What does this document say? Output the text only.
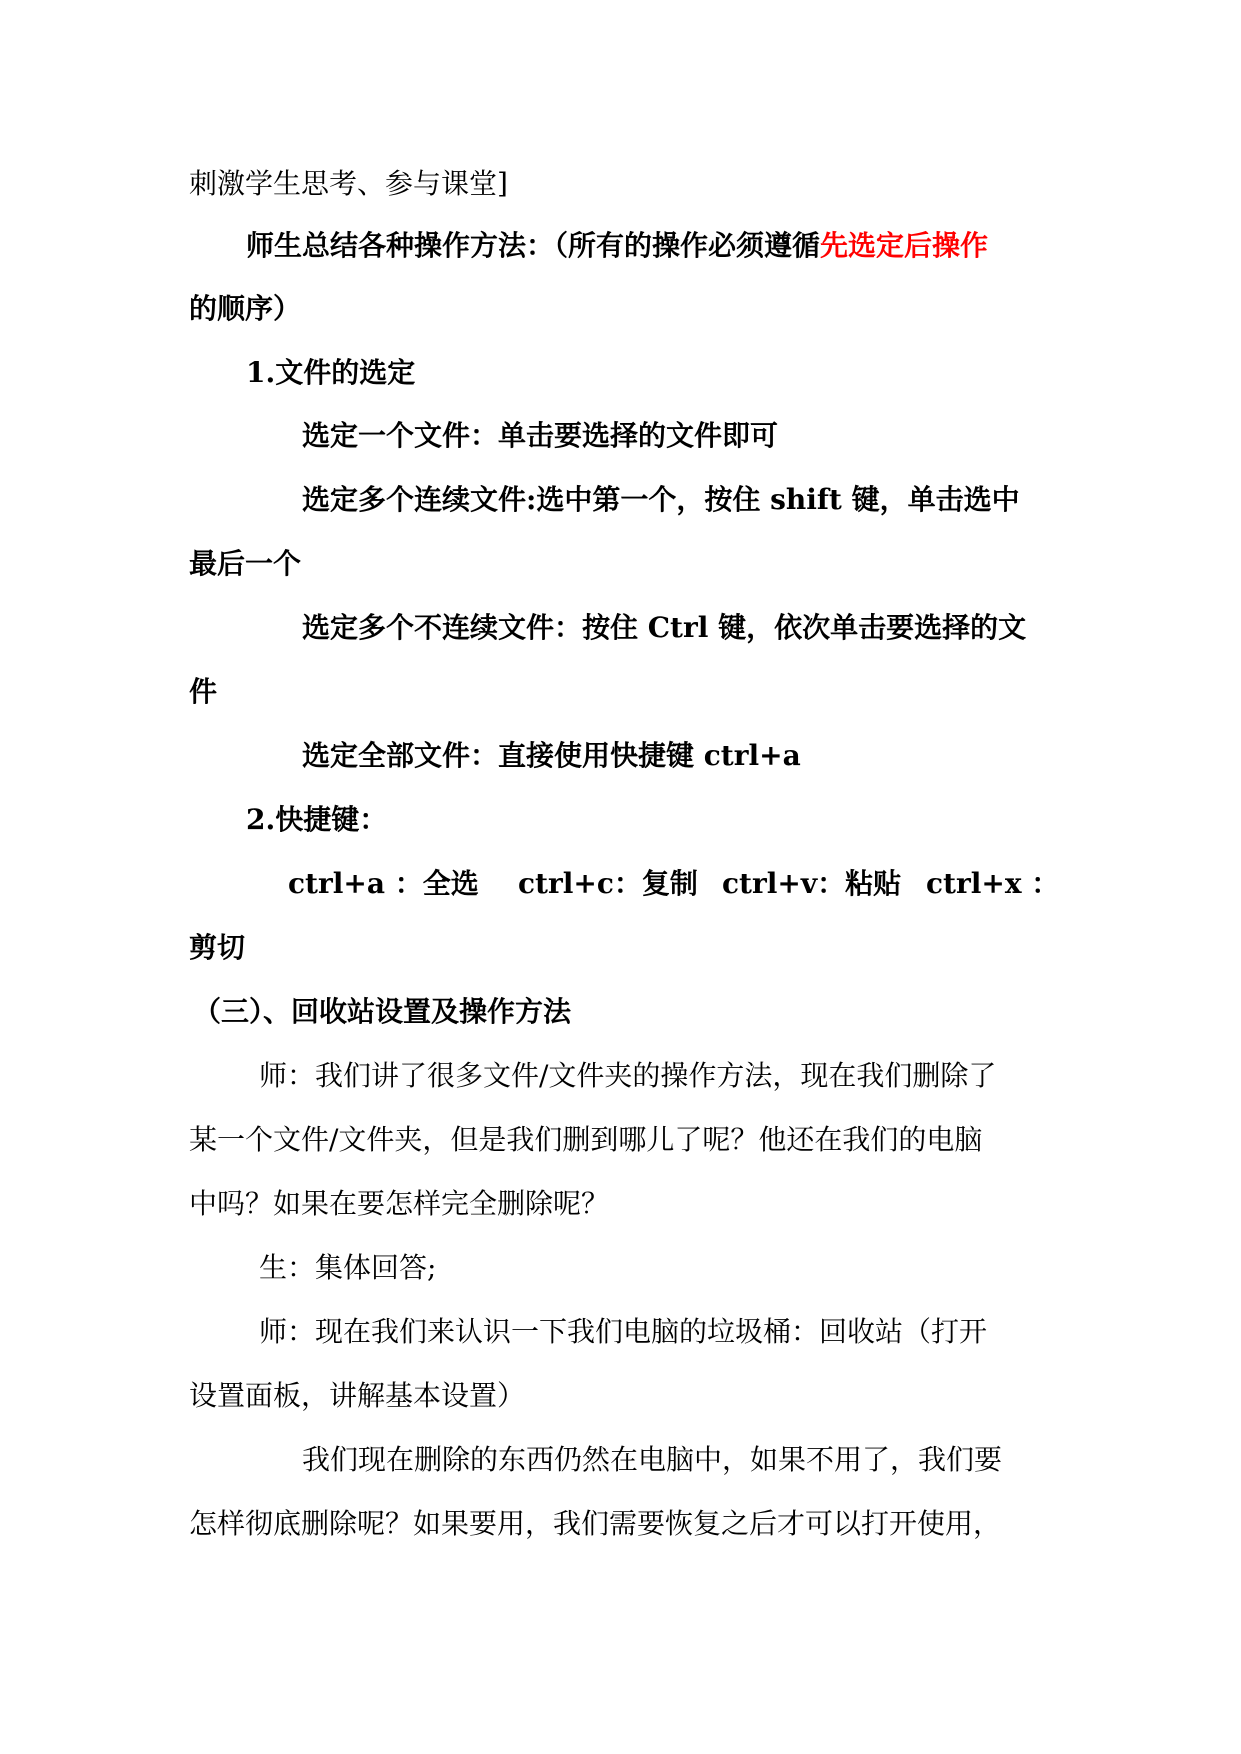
刺激学生思考、参与课堂]
师生总结各种操作方法：（所有的操作必须遵循先选定后操作
的顺序）
1.文件的选定
选定一个文件：单击要选择的文件即可
选定多个连续文件:选中第一个，按住 shift 键，单击选中
最后一个
选定多个不连续文件：按住 Ctrl 键，依次单击要选择的文
件
选定全部文件：直接使用快捷键 ctrl+a
2.快捷键：
ctrl+a ：全选 ctrl+c：复制 ctrl+v：粘贴 ctrl+x ：
剪切
（三）、回收站设置及操作方法
师：我们讲了很多文件/文件夹的操作方法，现在我们删除了
某一个文件/文件夹，但是我们删到哪儿了呢？他还在我们的电脑
中吗？如果在要怎样完全删除呢？
生：集体回答;
师：现在我们来认识一下我们电脑的垃圾桶：回收站（打开
设置面板，讲解基本设置）
我们现在删除的东西仍然在电脑中，如果不用了，我们要
怎样彻底删除呢？如果要用，我们需要恢复之后才可以打开使用，
